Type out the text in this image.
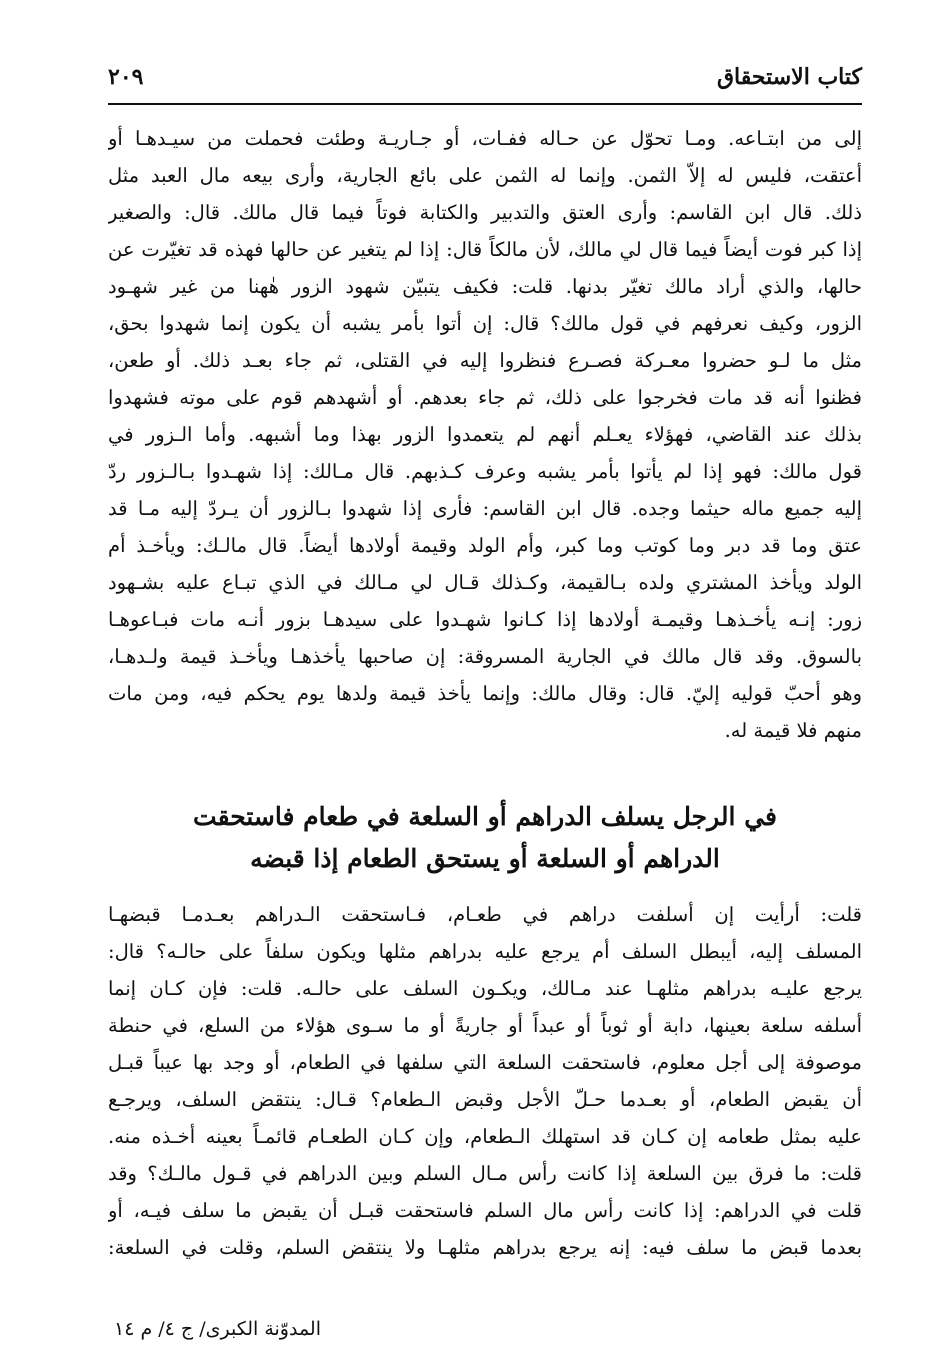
كتاب الاستحقاق
٢٠٩
إلى من ابتـاعه. ومـا تحوّل عن حـاله ففـات، أو جـاريـة وطئت فحملت من سيـدهـا أو
أعتقت، فليس له إلاّ الثمن. وإنما له الثمن على بائع الجارية، وأرى بيعه مال العبد مثل
ذلك. قال ابن القاسم: وأرى العتق والتدبير والكتابة فوتاً فيما قال مالك. قال: والصغير
إذا كبر فوت أيضاً فيما قال لي مالك، لأن مالكاً قال: إذا لم يتغير عن حالها فهذه قد تغيّرت عن
حالها، والذي أراد مالك تغيّر بدنها. قلت: فكيف يتبيّن شهود الزور هٰهنا من غير شهـود
الزور، وكيف نعرفهم في قول مالك؟ قال: إن أتوا بأمر يشبه أن يكون إنما شهدوا بحق،
مثل ما لـو حضروا معـركة فصـرع فنظروا إليه في القتلى، ثم جاء بعـد ذلك. أو طعن،
فظنوا أنه قد مات فخرجوا على ذلك، ثم جاء بعدهم. أو أشهدهم قوم على موته فشهدوا
بذلك عند القاضي، فهؤلاء يعـلم أنهم لم يتعمدوا الزور بهذا وما أشبهه. وأما الـزور في
قول مالك: فهو إذا لم يأتوا بأمر يشبه وعرف كـذبهم. قال مـالك: إذا شهـدوا بـالـزور ردّ
إليه جميع ماله حيثما وجده. قال ابن القاسم: فأرى إذا شهدوا بـالزور أن يـردّ إليه مـا قد
عتق وما قد دبر وما كوتب وما كبر، وأم الولد وقيمة أولادها أيضاً. قال مالـك: ويأخـذ أم
الولد ويأخذ المشتري ولده بـالقيمة، وكـذلك قـال لي مـالك في الذي تبـاع عليه بشـهود
زور: إنـه يأخـذهـا وقيمـة أولادها إذا كـانوا شهـدوا على سيدهـا بزور أنـه مات فبـاعوهـا
بالسوق. وقد قال مالك في الجارية المسروقة: إن صاحبها يأخذهـا ويأخـذ قيمة ولـدهـا،
وهو أحبّ قوليه إليّ. قال: وقال مالك: وإنما يأخذ قيمة ولدها يوم يحكم فيه، ومن مات
منهم فلا قيمة له.
في الرجل يسلف الدراهم أو السلعة في طعام فاستحقت
الدراهم أو السلعة أو يستحق الطعام إذا قبضه
قلت: أرأيت إن أسلفت دراهم في طعـام، فـاستحقت الـدراهم بعـدمـا قبضهـا
المسلف إليه، أيبطل السلف أم يرجع عليه بدراهم مثلها ويكون سلفاً على حالـه؟ قال:
يرجع عليـه بدراهم مثلهـا عند مـالك، ويكـون السلف على حالـه. قلت: فإن كـان إنما
أسلفه سلعة بعينها، دابة أو ثوباً أو عبداً أو جاريةً أو ما سـوى هؤلاء من السلع، في حنطة
موصوفة إلى أجل معلوم، فاستحقت السلعة التي سلفها في الطعام، أو وجد بها عيباً قبـل
أن يقبض الطعام، أو بعـدما حـلّ الأجل وقبض الـطعام؟ قـال: ينتقض السلف، ويرجـع
عليه بمثل طعامه إن كـان قد استهلك الـطعام، وإن كـان الطعـام قائمـاً بعينه أخـذه منه.
قلت: ما فرق بين السلعة إذا كانت رأس مـال السلم وبين الدراهم في قـول مالـك؟ وقد
قلت في الدراهم: إذا كانت رأس مال السلم فاستحقت قبـل أن يقبض ما سلف فيـه، أو
بعدما قبض ما سلف فيه: إنه يرجع بدراهم مثلهـا ولا ينتقض السلم، وقلت في السلعة:
المدوّنة الكبرى/ ج ٤/ م ١٤
